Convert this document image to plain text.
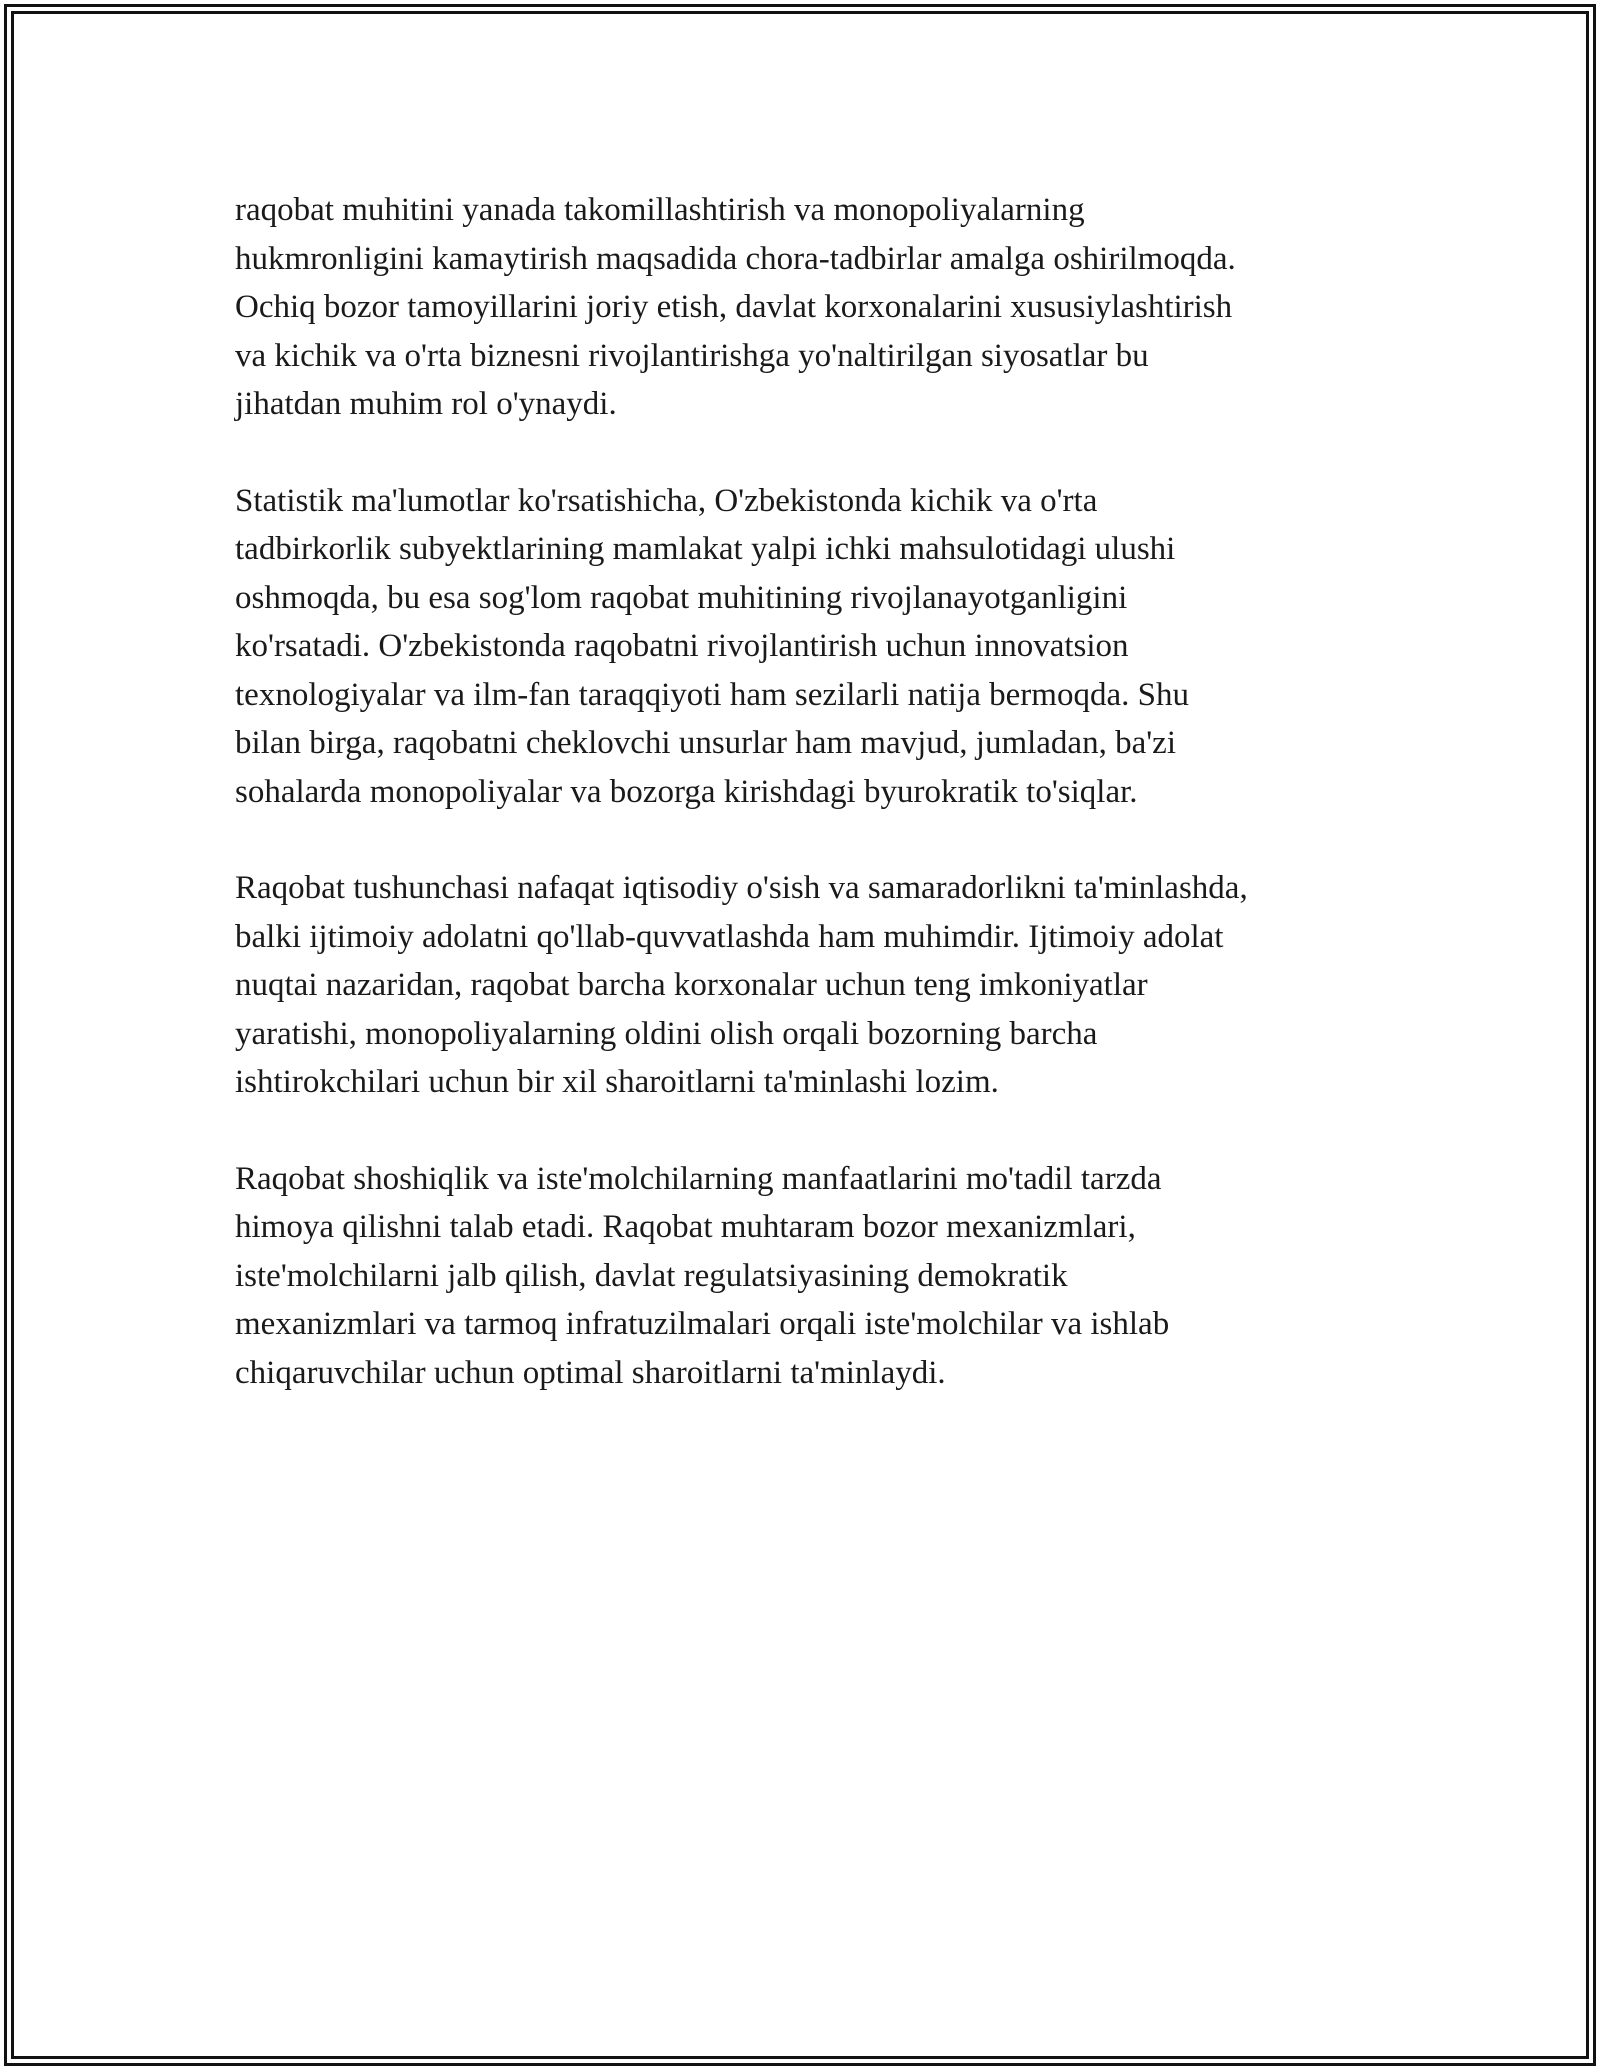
raqobat muhitini yanada takomillashtirish va monopoliyalarning
hukmronligini kamaytirish maqsadida chora-tadbirlar amalga oshirilmoqda.
Ochiq bozor tamoyillarini joriy etish, davlat korxonalarini xususiylashtirish
va kichik va o'rta biznesni rivojlantirishga yo'naltirilgan siyosatlar bu
jihatdan muhim rol o'ynaydi.

Statistik ma'lumotlar ko'rsatishicha, O'zbekistonda kichik va o'rta
tadbirkorlik subyektlarining mamlakat yalpi ichki mahsulotidagi ulushi
oshmoqda, bu esa sog'lom raqobat muhitining rivojlanayotganligini
ko'rsatadi. O'zbekistonda raqobatni rivojlantirish uchun innovatsion
texnologiyalar va ilm-fan taraqqiyoti ham sezilarli natija bermoqda. Shu
bilan birga, raqobatni cheklovchi unsurlar ham mavjud, jumladan, ba'zi
sohalarda monopoliyalar va bozorga kirishdagi byurokratik to'siqlar.

Raqobat tushunchasi nafaqat iqtisodiy o'sish va samaradorlikni ta'minlashda,
balki ijtimoiy adolatni qo'llab-quvvatlashda ham muhimdir. Ijtimoiy adolat
nuqtai nazaridan, raqobat barcha korxonalar uchun teng imkoniyatlar
yaratishi, monopoliyalarning oldini olish orqali bozorning barcha
ishtirokchilari uchun bir xil sharoitlarni ta'minlashi lozim.

Raqobat shoshiqlik va iste'molchilarning manfaatlarini mo'tadil tarzda
himoya qilishni talab etadi. Raqobat muhtaram bozor mexanizmlari,
iste'molchilarni jalb qilish, davlat regulatsiyasining demokratik
mexanizmlari va tarmoq infratuzilmalari orqali iste'molchilar va ishlab
chiqaruvchilar uchun optimal sharoitlarni ta'minlaydi.
